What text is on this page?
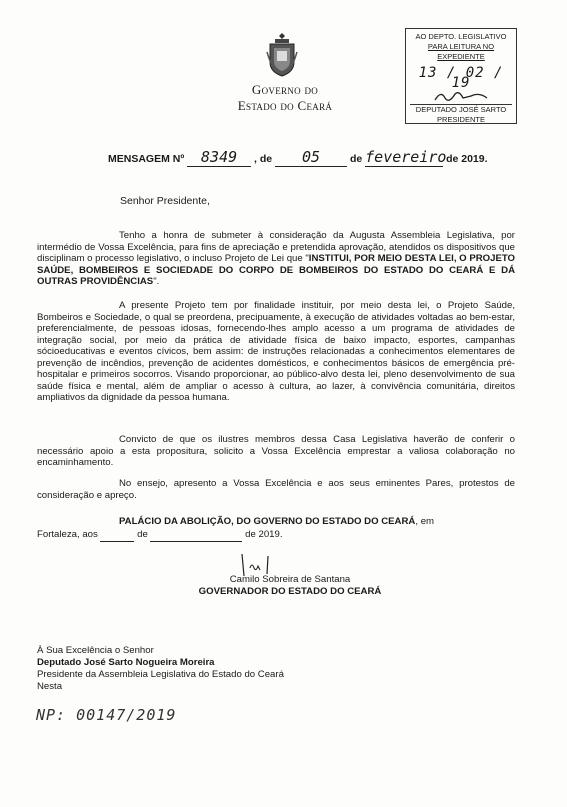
Governo do
Estado do Ceará
AO DEPTO. LEGISLATIVO
PARA LEITURA NO EXPEDIENTE
13 / 02 / 19
DEPUTADO JOSÉ SARTO
PRESIDENTE
MENSAGEM Nº 8349 , de 05	de fevereiro de 2019.
Senhor Presidente,

Tenho a honra de submeter à consideração da Augusta Assembleia Legislativa, por intermédio de Vossa Excelência, para fins de apreciação e pretendida aprovação, atendidos os dispositivos que disciplinam o processo legislativo, o incluso Projeto de Lei que "INSTITUI, POR MEIO DESTA LEI, O PROJETO SAÚDE, BOMBEIROS E SOCIEDADE DO CORPO DE BOMBEIROS DO ESTADO DO CEARÁ E DÁ OUTRAS PROVIDÊNCIAS".

A presente Projeto tem por finalidade instituir, por meio desta lei, o Projeto Saúde, Bombeiros e Sociedade, o qual se preordena, precipuamente, à execução de atividades voltadas ao bem-estar, preferencialmente, de pessoas idosas, fornecendo-lhes amplo acesso a um programa de atividades de integração social, por meio da prática de atividade física de baixo impacto, esportes, campanhas sócioeducativas e eventos cívicos, bem assim: de instruções relacionadas a conhecimentos elementares de prevenção de incêndios, prevenção de acidentes domésticos, e conhecimentos básicos de emergência pré-hospitalar e primeiros socorros. Visando proporcionar, ao público-alvo desta lei, pleno desenvolvimento de sua saúde física e mental, além de ampliar o acesso à cultura, ao lazer, à convivência comunitária, direitos ampliativos da dignidade da pessoa humana.

Convicto de que os ilustres membros dessa Casa Legislativa haverão de conferir o necessário apoio a esta propositura, solicito a Vossa Excelência emprestar a valiosa colaboração no encaminhamento.

No ensejo, apresento a Vossa Excelência e aos seus eminentes Pares, protestos de consideração e apreço.

PALÁCIO DA ABOLIÇÃO, DO GOVERNO DO ESTADO DO CEARÁ, em
Fortaleza, aos	de	de 2019.
Camilo Sobreira de Santana
GOVERNADOR DO ESTADO DO CEARÁ
À Sua Excelência o Senhor
Deputado José Sarto Nogueira Moreira
Presidente da Assembleia Legislativa do Estado do Ceará
Nesta
NP: 00147/2019
